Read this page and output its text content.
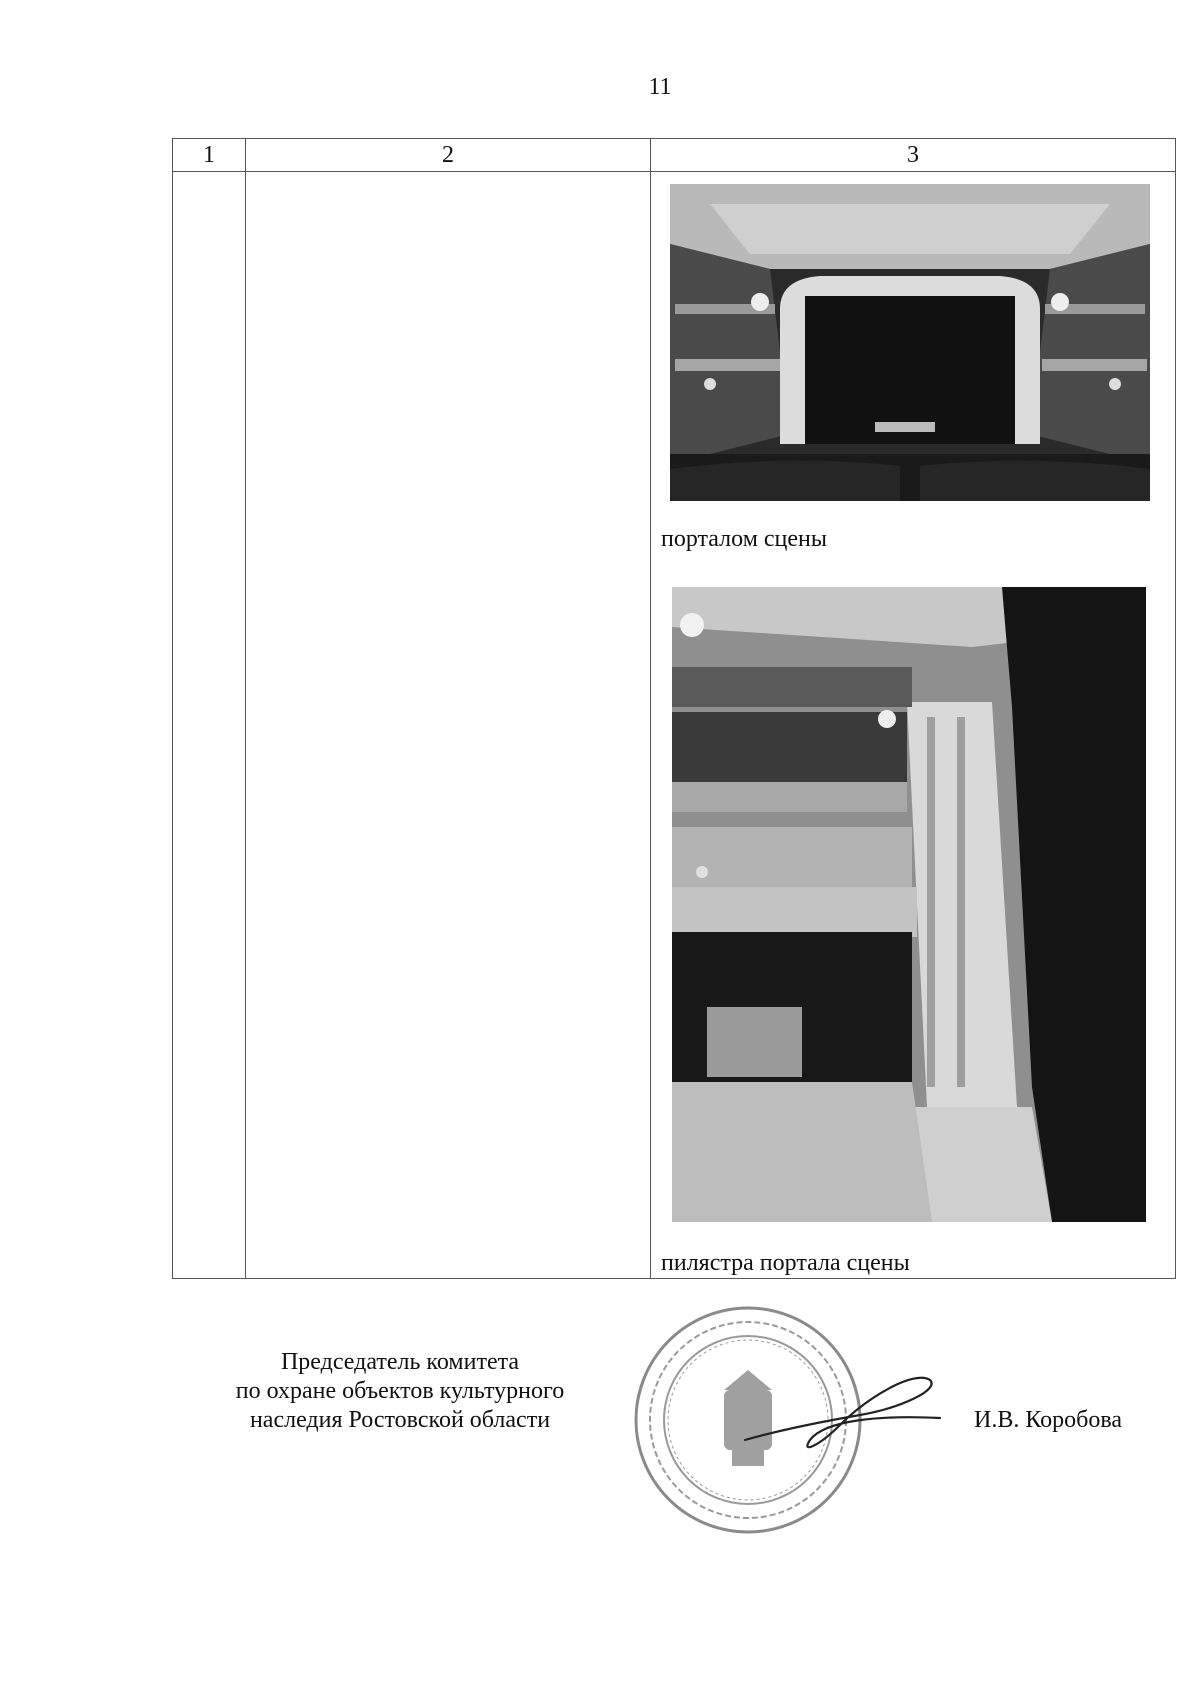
11
1	2	3

		порталом сцены
пилястра портала сцены
Председатель комитета
по охране объектов культурного
наследия Ростовской области	И.В. Коробова
